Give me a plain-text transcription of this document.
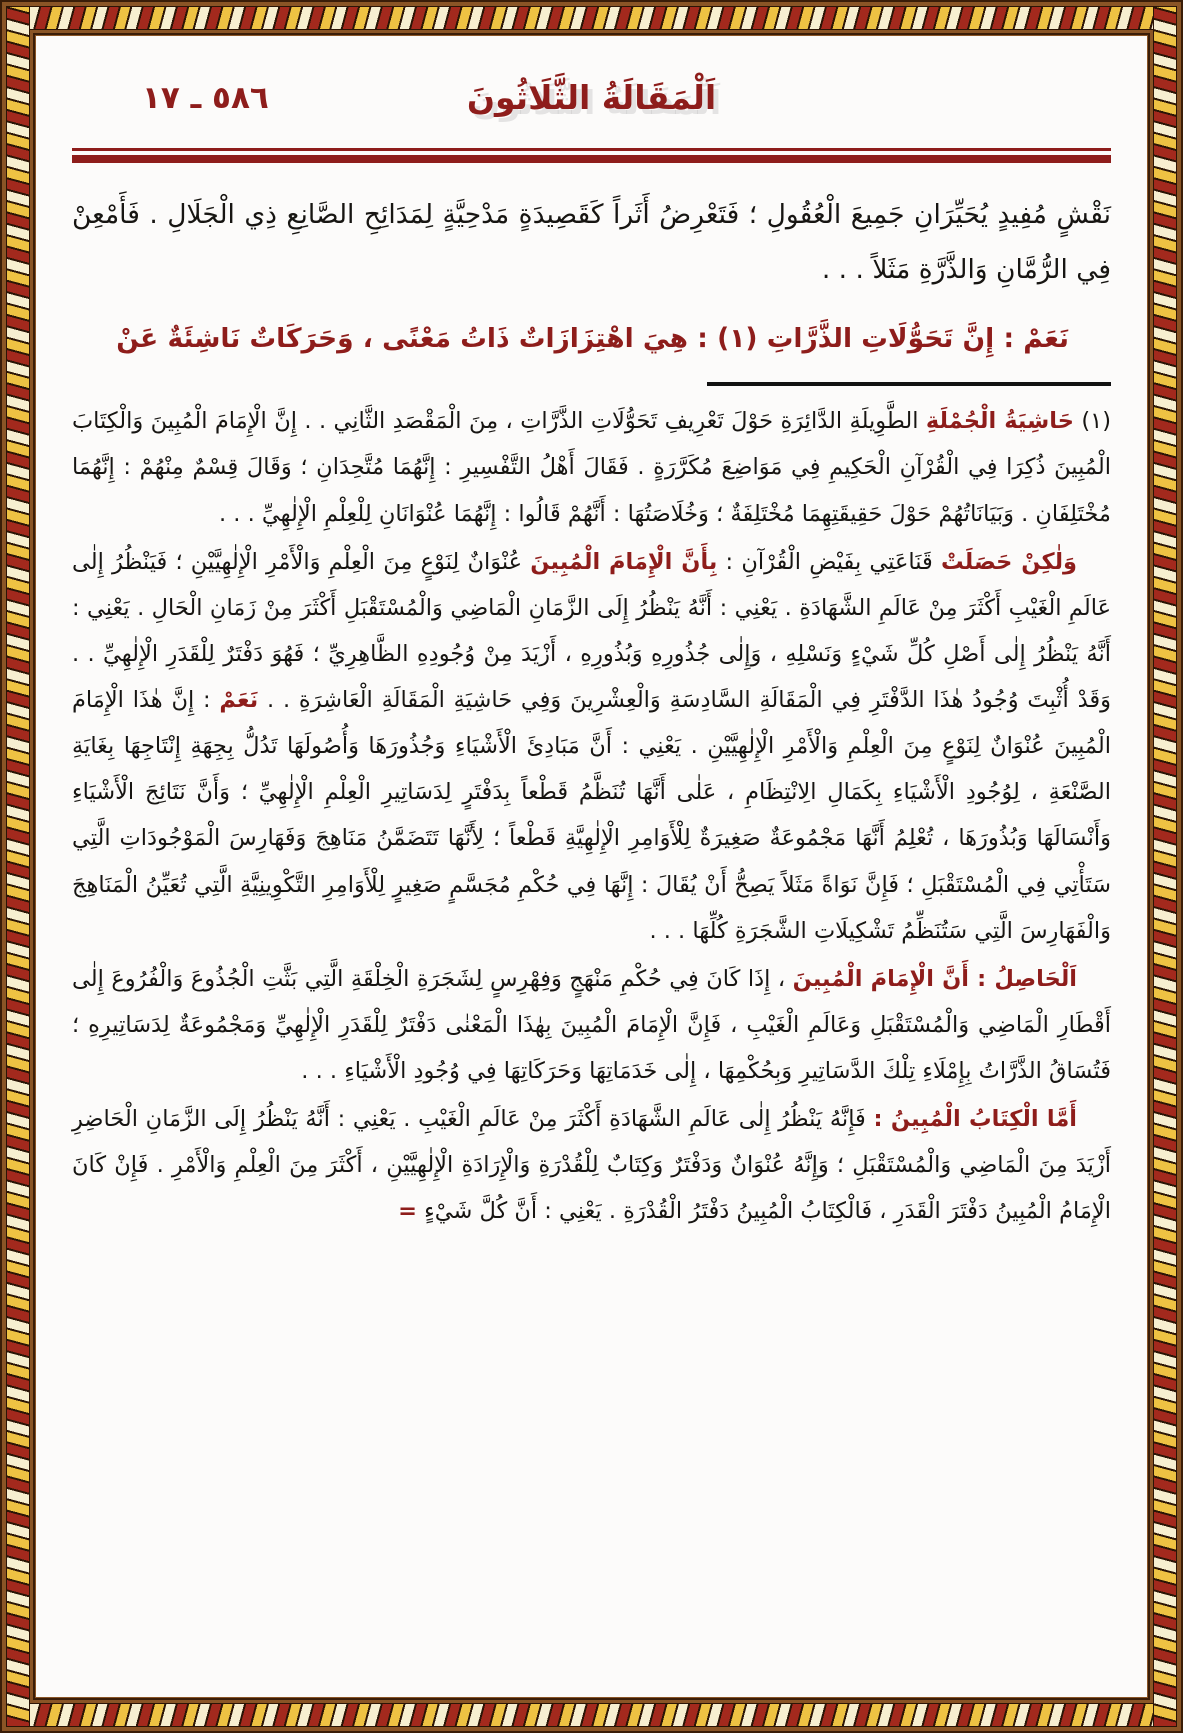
٥٨٦ ـ ١٧	اَلْمَقَالَةُ الثَّلَاثُونَ

نَقْشٍ مُفِيدٍ يُحَيِّرَانِ جَمِيعَ الْعُقُولِ ؛ فَتَعْرِضُ أَثَراً كَقَصِيدَةٍ مَدْحِيَّةٍ لِمَدَائِحِ الصَّانِعِ ذِي الْجَلَالِ . فَأَمْعِنْ فِي الرُّمَّانِ وَالذَّرَّةِ مَثَلاً . . .

نَعَمْ : إِنَّ تَحَوُّلَاتِ الذَّرَّاتِ (١) : هِيَ اهْتِزَازَاتٌ ذَاتُ مَعْنًى ، وَحَرَكَاتٌ نَاشِئَةٌ عَنْ

(١) حَاشِيَةُ الْجُمْلَةِ الطَّوِيلَةِ الدَّائِرَةِ حَوْلَ تَعْرِيفِ تَحَوُّلَاتِ الذَّرَّاتِ ، مِنَ الْمَقْصَدِ الثَّانِي . . إِنَّ الْإِمَامَ الْمُبِينَ وَالْكِتَابَ الْمُبِينَ ذُكِرَا فِي الْقُرْآنِ الْحَكِيمِ فِي مَوَاضِعَ مُكَرَّرَةٍ . فَقَالَ أَهْلُ التَّفْسِيرِ : إِنَّهُمَا مُتَّحِدَانِ ؛ وَقَالَ قِسْمٌ مِنْهُمْ : إِنَّهُمَا مُخْتَلِفَانِ . وَبَيَانَاتُهُمْ حَوْلَ حَقِيقَتِهِمَا مُخْتَلِفَةٌ ؛ وَخُلَاصَتُهَا : أَنَّهُمْ قَالُوا : إِنَّهُمَا عُنْوَانَانِ لِلْعِلْمِ الْإِلٰهِيِّ . . .

وَلٰكِنْ حَصَلَتْ قَنَاعَتِي بِفَيْضِ الْقُرْآنِ : بِأَنَّ الْإِمَامَ الْمُبِينَ عُنْوَانٌ لِنَوْعٍ مِنَ الْعِلْمِ وَالْأَمْرِ الْإِلٰهِيَّيْنِ ؛ فَيَنْظُرُ إِلٰى عَالَمِ الْغَيْبِ أَكْثَرَ مِنْ عَالَمِ الشَّهَادَةِ . يَعْنِي : أَنَّهُ يَنْظُرُ إِلَى الزَّمَانِ الْمَاضِي وَالْمُسْتَقْبَلِ أَكْثَرَ مِنْ زَمَانِ الْحَالِ . يَعْنِي : أَنَّهُ يَنْظُرُ إِلٰى أَصْلِ كُلِّ شَيْءٍ وَنَسْلِهِ ، وَإِلٰى جُذُورِهِ وَبُذُورِهِ ، أَزْيَدَ مِنْ وُجُودِهِ الظَّاهِرِيِّ ؛ فَهُوَ دَفْتَرٌ لِلْقَدَرِ الْإِلٰهِيِّ . . وَقَدْ أُثْبِتَ وُجُودُ هٰذَا الدَّفْتَرِ فِي الْمَقَالَةِ السَّادِسَةِ وَالْعِشْرِينَ وَفِي حَاشِيَةِ الْمَقَالَةِ الْعَاشِرَةِ . . نَعَمْ : إِنَّ هٰذَا الْإِمَامَ الْمُبِينَ عُنْوَانٌ لِنَوْعٍ مِنَ الْعِلْمِ وَالْأَمْرِ الْإِلٰهِيَّيْنِ . يَعْنِي : أَنَّ مَبَادِئَ الْأَشْيَاءِ وَجُذُورَهَا وَأُصُولَهَا تَدُلُّ بِجِهَةِ إِنْتَاجِهَا بِغَايَةِ الصَّنْعَةِ ، لِوُجُودِ الْأَشْيَاءِ بِكَمَالِ الِانْتِظَامِ ، عَلٰى أَنَّهَا تُنَظَّمُ قَطْعاً بِدَفْتَرٍ لِدَسَاتِيرِ الْعِلْمِ الْإِلٰهِيِّ ؛ وَأَنَّ نَتَائِجَ الْأَشْيَاءِ وَأَنْسَالَهَا وَبُذُورَهَا ، تُعْلِمُ أَنَّهَا مَجْمُوعَةٌ صَغِيرَةٌ لِلْأَوَامِرِ الْإِلٰهِيَّةِ قَطْعاً ؛ لِأَنَّهَا تَتَضَمَّنُ مَنَاهِجَ وَفَهَارِسَ الْمَوْجُودَاتِ الَّتِي سَتَأْتِي فِي الْمُسْتَقْبَلِ ؛ فَإِنَّ نَوَاةً مَثَلاً يَصِحُّ أَنْ يُقَالَ : إِنَّهَا فِي حُكْمِ مُجَسَّمٍ صَغِيرٍ لِلْأَوَامِرِ التَّكْوِينِيَّةِ الَّتِي تُعَيِّنُ الْمَنَاهِجَ وَالْفَهَارِسَ الَّتِي سَتُنَظِّمُ تَشْكِيلَاتِ الشَّجَرَةِ كُلِّهَا . . .

اَلْحَاصِلُ : أَنَّ الْإِمَامَ الْمُبِينَ ، إِذَا كَانَ فِي حُكْمِ مَنْهَجٍ وَفِهْرِسٍ لِشَجَرَةِ الْخِلْقَةِ الَّتِي بَثَّتِ الْجُذُوعَ وَالْفُرُوعَ إِلٰى أَقْطَارِ الْمَاضِي وَالْمُسْتَقْبَلِ وَعَالَمِ الْغَيْبِ ، فَإِنَّ الْإِمَامَ الْمُبِينَ بِهٰذَا الْمَعْنٰى دَفْتَرٌ لِلْقَدَرِ الْإِلٰهِيِّ وَمَجْمُوعَةٌ لِدَسَاتِيرِهِ ؛ فَتُسَاقُ الذَّرَّاتُ بِإِمْلَاءِ تِلْكَ الدَّسَاتِيرِ وَبِحُكْمِهَا ، إِلٰى خَدَمَاتِهَا وَحَرَكَاتِهَا فِي وُجُودِ الْأَشْيَاءِ . . .

أَمَّا الْكِتَابُ الْمُبِينُ : فَإِنَّهُ يَنْظُرُ إِلٰى عَالَمِ الشَّهَادَةِ أَكْثَرَ مِنْ عَالَمِ الْغَيْبِ . يَعْنِي : أَنَّهُ يَنْظُرُ إِلَى الزَّمَانِ الْحَاضِرِ أَزْيَدَ مِنَ الْمَاضِي وَالْمُسْتَقْبَلِ ؛ وَإِنَّهُ عُنْوَانٌ وَدَفْتَرٌ وَكِتَابٌ لِلْقُدْرَةِ وَالْإِرَادَةِ الْإِلٰهِيَّيْنِ ، أَكْثَرَ مِنَ الْعِلْمِ وَالْأَمْرِ . فَإِنْ كَانَ الْإِمَامُ الْمُبِينُ دَفْتَرَ الْقَدَرِ ، فَالْكِتَابُ الْمُبِينُ دَفْتَرُ الْقُدْرَةِ . يَعْنِي : أَنَّ كُلَّ شَيْءٍ =
